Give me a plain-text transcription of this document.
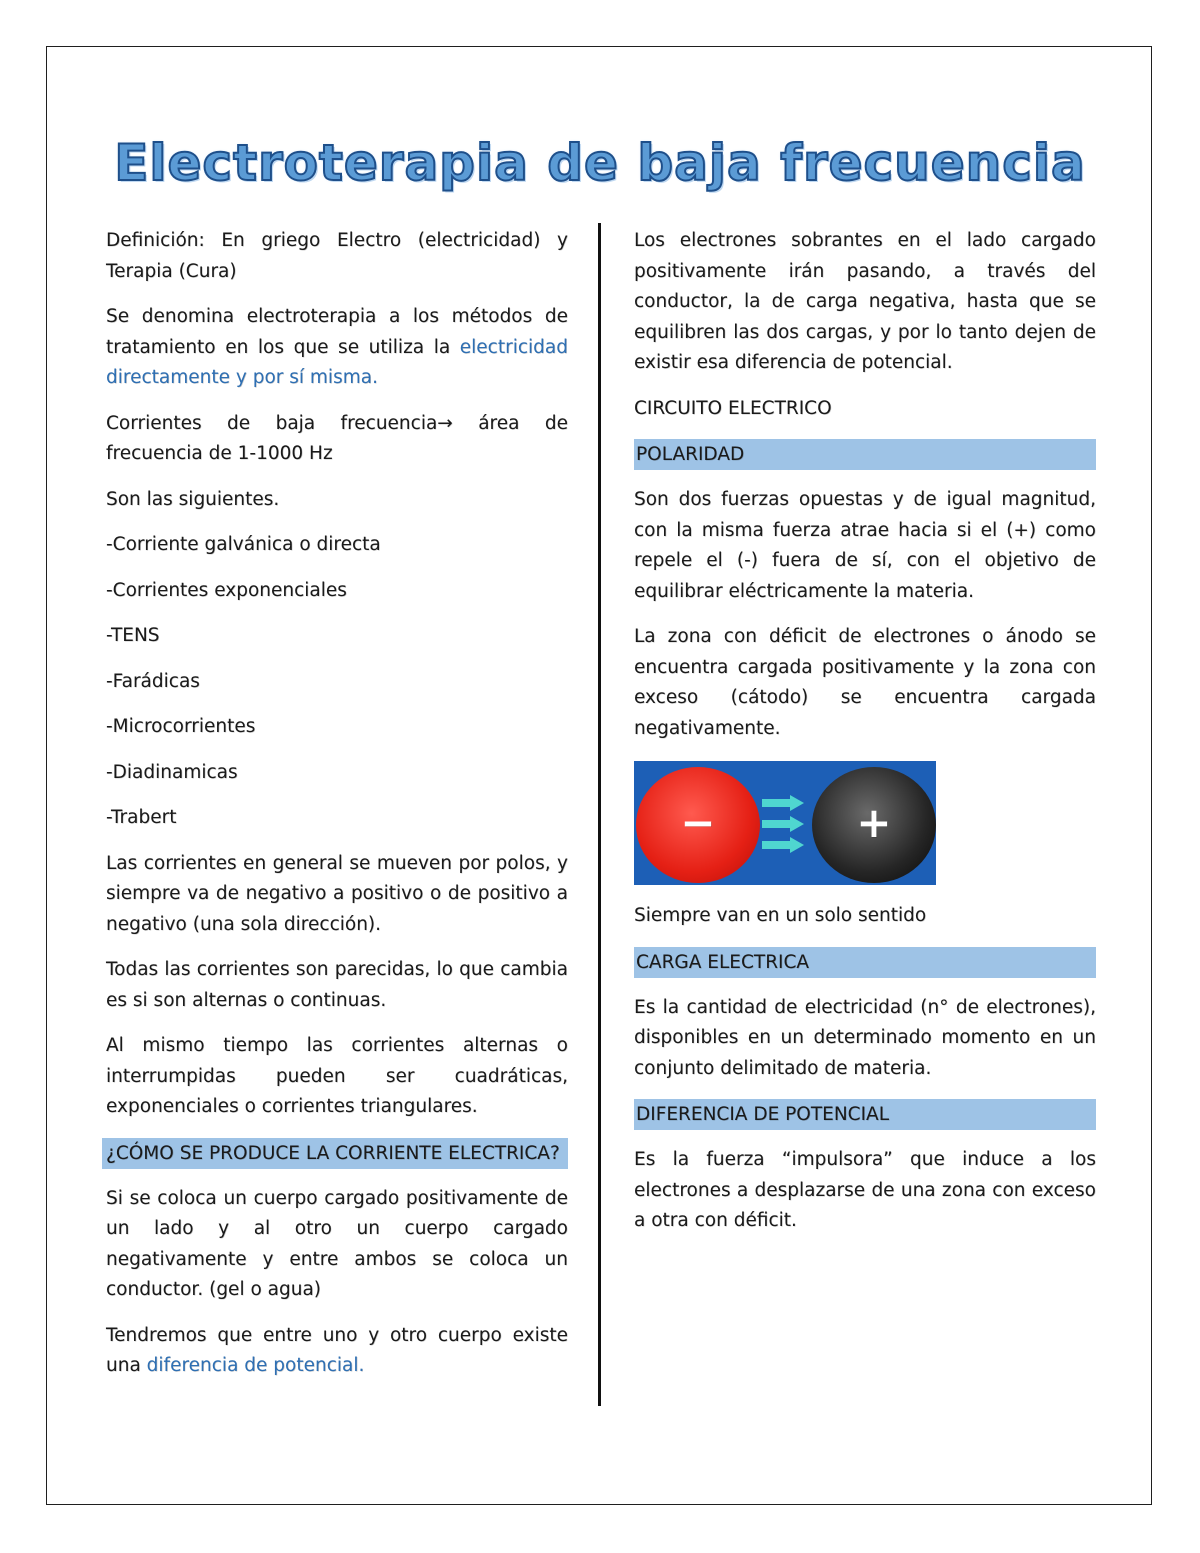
Electroterapia de baja frecuencia

Definición: En griego Electro (electricidad) y Terapia (Cura)

Se denomina electroterapia a los métodos de tratamiento en los que se utiliza la electricidad directamente y por sí misma.

Corrientes de baja frecuencia→ área de frecuencia de 1-1000 Hz

Son las siguientes.

-Corriente galvánica o directa

-Corrientes exponenciales

-TENS

-Farádicas

-Microcorrientes

-Diadinamicas

-Trabert

Las corrientes en general se mueven por polos, y siempre va de negativo a positivo o de positivo a negativo (una sola dirección).

Todas las corrientes son parecidas, lo que cambia es si son alternas o continuas.

Al mismo tiempo las corrientes alternas o interrumpidas pueden ser cuadráticas, exponenciales o corrientes triangulares.

¿CÓMO SE PRODUCE LA CORRIENTE ELECTRICA?

Si se coloca un cuerpo cargado positivamente de un lado y al otro un cuerpo cargado negativamente y entre ambos se coloca un conductor. (gel o agua)

Tendremos que entre uno y otro cuerpo existe una diferencia de potencial.

Los electrones sobrantes en el lado cargado positivamente irán pasando, a través del conductor, la de carga negativa, hasta que se equilibren las dos cargas, y por lo tanto dejen de existir esa diferencia de potencial.

CIRCUITO ELECTRICO

POLARIDAD

Son dos fuerzas opuestas y de igual magnitud, con la misma fuerza atrae hacia si el (+) como repele el (-) fuera de sí, con el objetivo de equilibrar eléctricamente la materia.

La zona con déficit de electrones o ánodo se encuentra cargada positivamente y la zona con exceso (cátodo) se encuentra cargada negativamente.

−	+

Siempre van en un solo sentido

CARGA ELECTRICA

Es la cantidad de electricidad (n° de electrones), disponibles en un determinado momento en un conjunto delimitado de materia.

DIFERENCIA DE POTENCIAL

Es la fuerza “impulsora” que induce a los electrones a desplazarse de una zona con exceso a otra con déficit.
